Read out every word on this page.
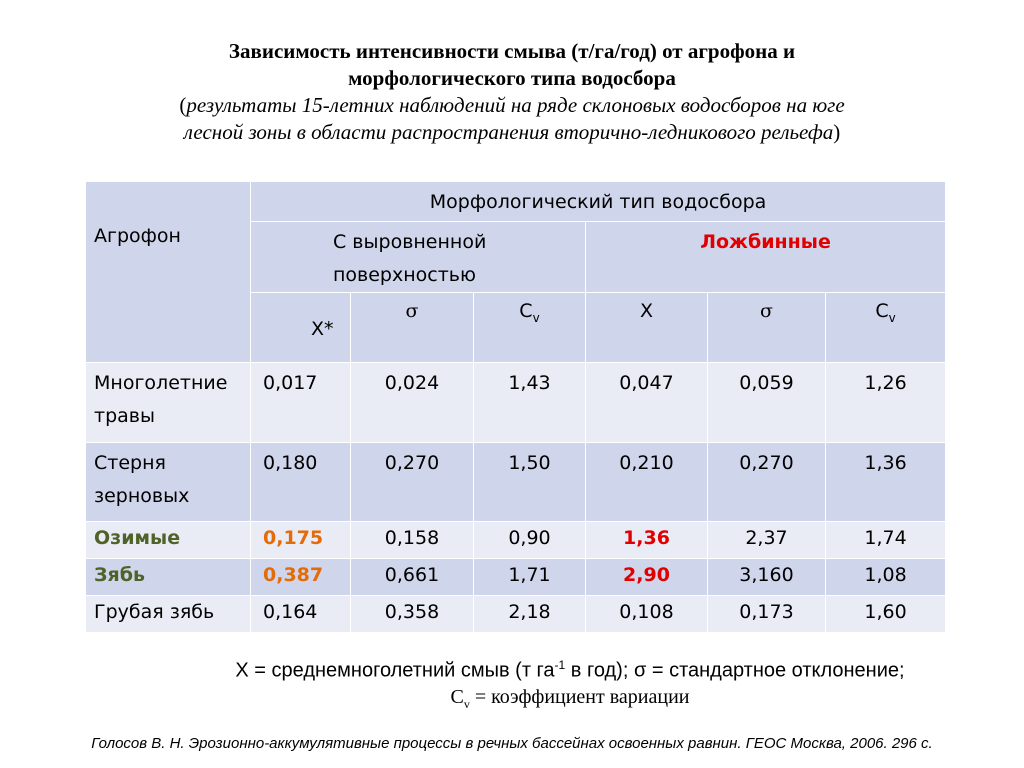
Зависимость интенсивности смыва (т/га/год) от агрофона и
морфологического типа водосбора
(результаты 15-летних наблюдений на ряде склоновых водосборов на юге
лесной зоны в области распространения вторично-ледникового рельефа)
Агрофон	Морфологический тип водосбора					
	С выровненной поверхностью			Ложбинные		
	X*	σ	$C_v$	X	σ	$C_v$
Многолетние травы	0,017	0,024	1,43	0,047	0,059	1,26
Стерня зерновых	0,180	0,270	1,50	0,210	0,270	1,36
Озимые	0,175	0,158	0,90	1,36	2,37	1,74
Зябь	0,387	0,661	1,71	2,90	3,160	1,08
Грубая зябь	0,164	0,358	2,18	0,108	0,173	1,60
X = среднемноголетний смыв (т $га^{-1}$ в год); σ = стандартное отклонение;
$C_v$ = коэффициент вариации
Голосов В. Н. Эрозионно-аккумулятивные процессы в речных бассейнах освоенных равнин. ГЕОС Москва, 2006. 296 с.
